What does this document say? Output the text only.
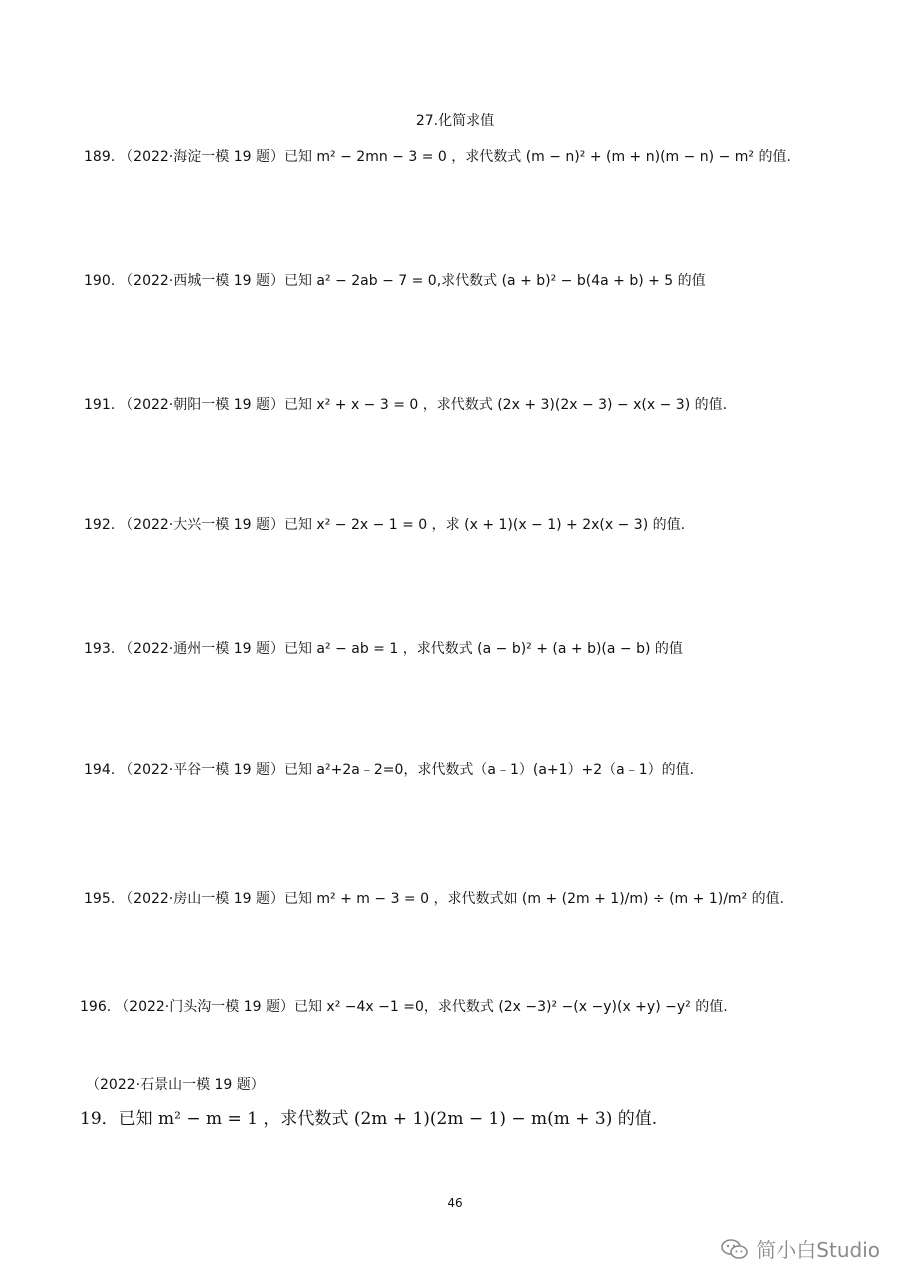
27.化简求值
189. （2022·海淀一模 19 题）已知 m² − 2mn − 3 = 0 ，求代数式 (m − n)² + (m + n)(m − n) − m² 的值.
190. （2022·西城一模 19 题）已知 a² − 2ab − 7 = 0,求代数式 (a + b)² − b(4a + b) + 5 的值
191. （2022·朝阳一模 19 题）已知 x² + x − 3 = 0 ，求代数式 (2x + 3)(2x − 3) − x(x − 3) 的值.
192. （2022·大兴一模 19 题）已知 x² − 2x − 1 = 0 ，求 (x + 1)(x − 1) + 2x(x − 3) 的值.
193. （2022·通州一模 19 题）已知 a² − ab = 1 ，求代数式 (a − b)² + (a + b)(a − b) 的值
194. （2022·平谷一模 19 题）已知 a²+2a﹣2=0，求代数式（a﹣1）(a+1）+2（a﹣1）的值.
195. （2022·房山一模 19 题）已知 m² + m − 3 = 0 ，求代数式如 (m + (2m + 1)/m) ÷ (m + 1)/m² 的值.
196. （2022·门头沟一模 19 题）已知 x² −4x −1 =0，求代数式 (2x −3)² −(x −y)(x +y) −y² 的值.
（2022·石景山一模 19 题）
19．已知 m² − m = 1 ，求代数式 (2m + 1)(2m − 1) − m(m + 3) 的值.
46
简小白Studio
